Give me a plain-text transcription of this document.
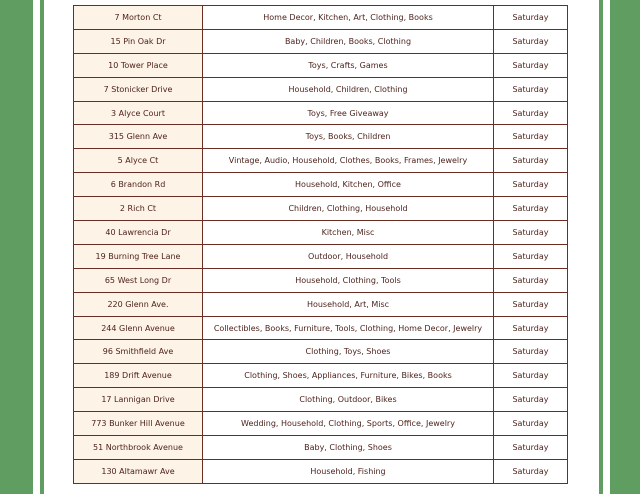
7 Morton Ct	Home Decor, Kitchen, Art, Clothing, Books	Saturday
15 Pin Oak Dr	Baby, Children, Books, Clothing	Saturday
10 Tower Place	Toys, Crafts, Games	Saturday
7 Stonicker Drive	Household, Children, Clothing	Saturday
3 Alyce Court	Toys, Free Giveaway	Saturday
315 Glenn Ave	Toys, Books, Children	Saturday
5 Alyce Ct	Vintage, Audio, Household, Clothes, Books, Frames, Jewelry	Saturday
6 Brandon Rd	Household, Kitchen, Office	Saturday
2 Rich Ct	Children, Clothing, Household	Saturday
40 Lawrencia Dr	Kitchen, Misc	Saturday
19 Burning Tree Lane	Outdoor, Household	Saturday
65 West Long Dr	Household, Clothing, Tools	Saturday
220 Glenn Ave.	Household, Art, Misc	Saturday
244 Glenn Avenue	Collectibles, Books, Furniture, Tools, Clothing, Home Decor, Jewelry	Saturday
96 Smithfield Ave	Clothing, Toys, Shoes	Saturday
189 Drift Avenue	Clothing, Shoes, Appliances, Furniture, Bikes, Books	Saturday
17 Lannigan Drive	Clothing, Outdoor, Bikes	Saturday
773 Bunker Hill Avenue	Wedding, Household, Clothing, Sports, Office, Jewelry	Saturday
51 Northbrook Avenue	Baby, Clothing, Shoes	Saturday
130 Altamawr Ave	Household, Fishing	Saturday
